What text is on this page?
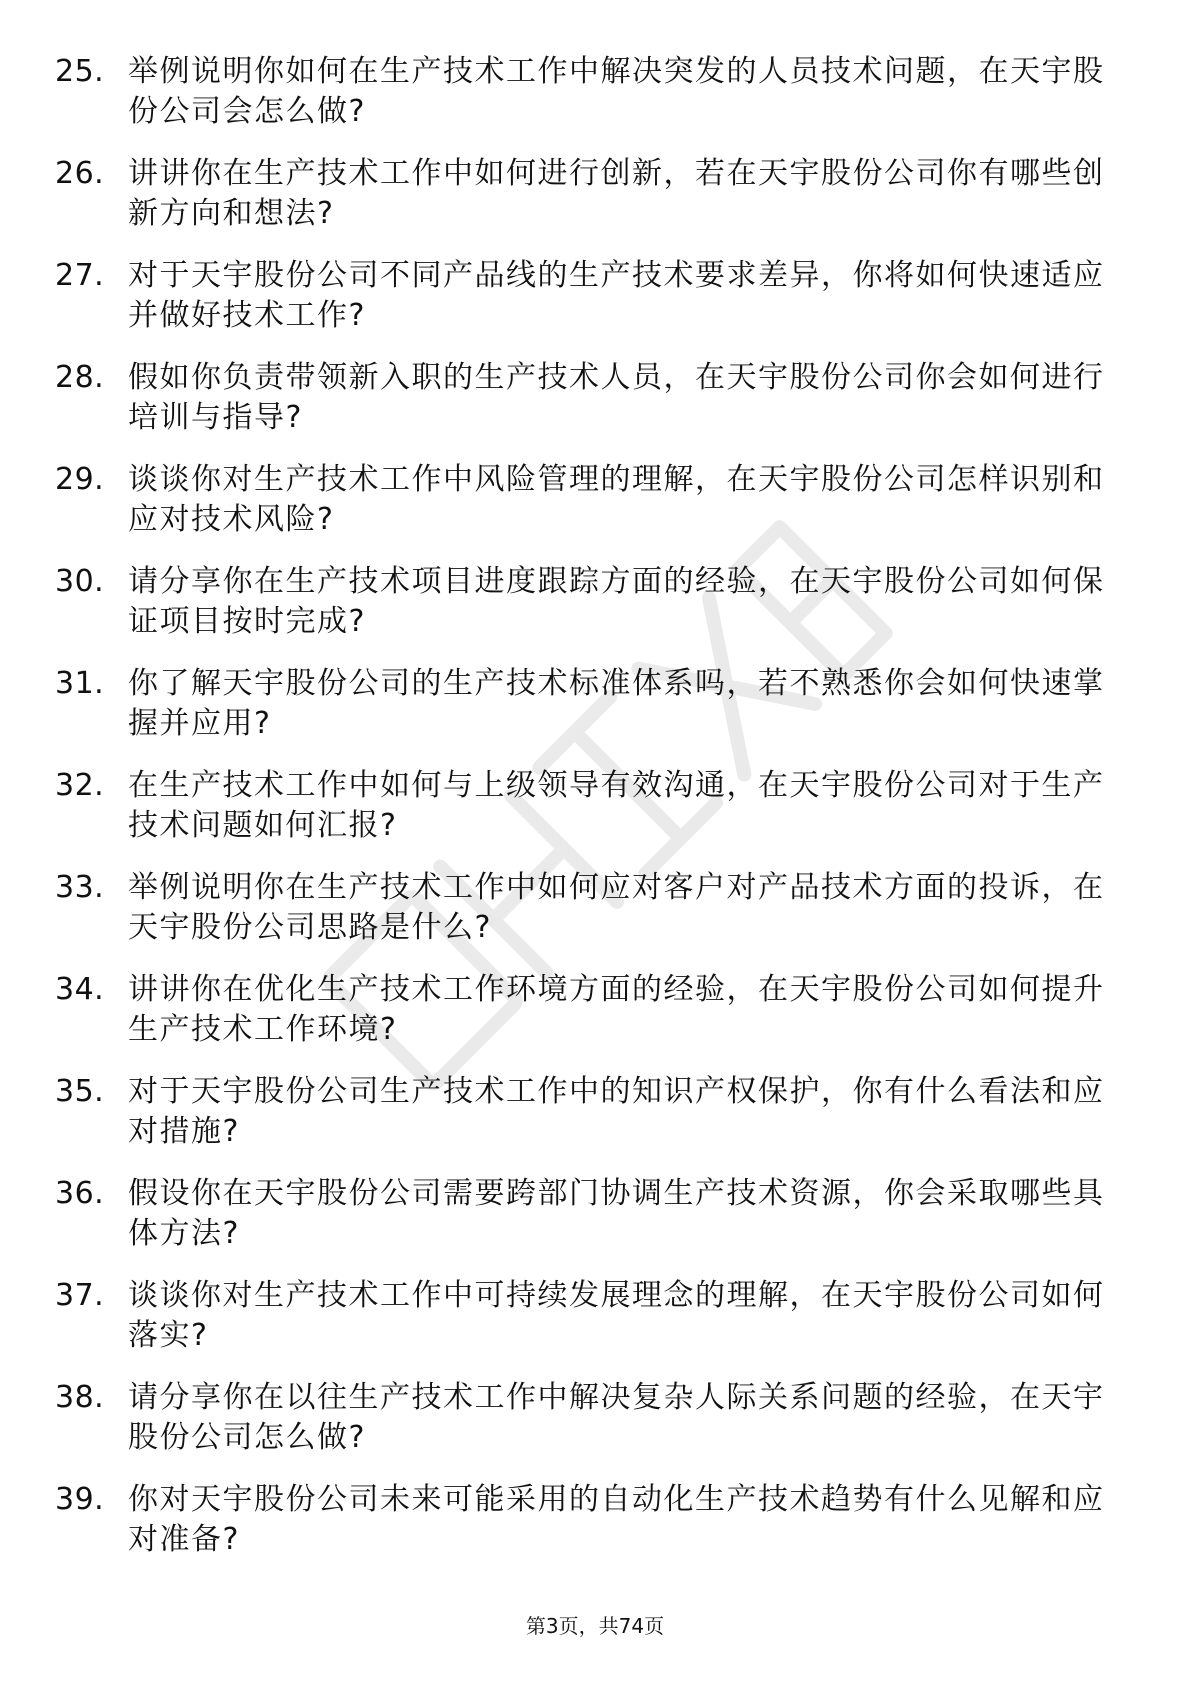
25. 举例说明你如何在生产技术工作中解决突发的人员技术问题，在天宇股份公司会怎么做?
26. 讲讲你在生产技术工作中如何进行创新，若在天宇股份公司你有哪些创新方向和想法?
27. 对于天宇股份公司不同产品线的生产技术要求差异，你将如何快速适应并做好技术工作?
28. 假如你负责带领新入职的生产技术人员，在天宇股份公司你会如何进行培训与指导?
29. 谈谈你对生产技术工作中风险管理的理解，在天宇股份公司怎样识别和应对技术风险?
30. 请分享你在生产技术项目进度跟踪方面的经验，在天宇股份公司如何保证项目按时完成?
31. 你了解天宇股份公司的生产技术标准体系吗，若不熟悉你会如何快速掌握并应用?
32. 在生产技术工作中如何与上级领导有效沟通，在天宇股份公司对于生产技术问题如何汇报?
33. 举例说明你在生产技术工作中如何应对客户对产品技术方面的投诉，在天宇股份公司思路是什么?
34. 讲讲你在优化生产技术工作环境方面的经验，在天宇股份公司如何提升生产技术工作环境?
35. 对于天宇股份公司生产技术工作中的知识产权保护，你有什么看法和应对措施?
36. 假设你在天宇股份公司需要跨部门协调生产技术资源，你会采取哪些具体方法?
37. 谈谈你对生产技术工作中可持续发展理念的理解，在天宇股份公司如何落实?
38. 请分享你在以往生产技术工作中解决复杂人际关系问题的经验，在天宇股份公司怎么做?
39. 你对天宇股份公司未来可能采用的自动化生产技术趋势有什么见解和应对准备?
第3页，共74页
